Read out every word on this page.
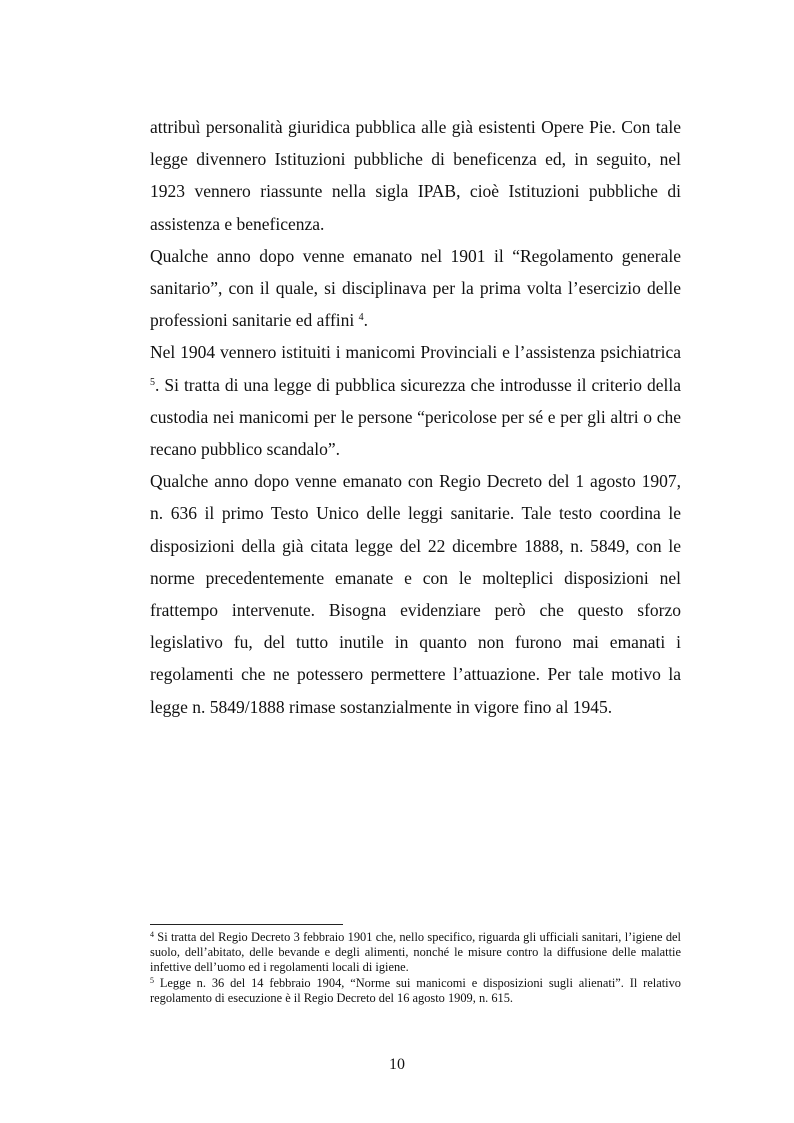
attribuì personalità giuridica pubblica alle già esistenti Opere Pie. Con tale legge divennero Istituzioni pubbliche di beneficenza ed, in seguito, nel 1923 vennero riassunte nella sigla IPAB, cioè Istituzioni pubbliche di assistenza e beneficenza.

Qualche anno dopo venne emanato nel 1901 il “Regolamento generale sanitario”, con il quale, si disciplinava per la prima volta l’esercizio delle professioni sanitarie ed affini $^4$.

Nel 1904 vennero istituiti i manicomi Provinciali e l’assistenza psichiatrica $^5$. Si tratta di una legge di pubblica sicurezza che introdusse il criterio della custodia nei manicomi per le persone “pericolose per sé e per gli altri o che recano pubblico scandalo”.

Qualche anno dopo venne emanato con Regio Decreto del 1 agosto 1907, n. 636 il primo Testo Unico delle leggi sanitarie. Tale testo coordina le disposizioni della già citata legge del 22 dicembre 1888, n. 5849, con le norme precedentemente emanate e con le molteplici disposizioni nel frattempo intervenute. Bisogna evidenziare però che questo sforzo legislativo fu, del tutto inutile in quanto non furono mai emanati i regolamenti che ne potessero permettere l’attuazione. Per tale motivo la legge n. 5849/1888 rimase sostanzialmente in vigore fino al 1945.

$^4$ Si tratta del Regio Decreto 3 febbraio 1901 che, nello specifico, riguarda gli ufficiali sanitari, l’igiene del suolo, dell’abitato, delle bevande e degli alimenti, nonché le misure contro la diffusione delle malattie infettive dell’uomo ed i regolamenti locali di igiene.

$^5$ Legge n. 36 del 14 febbraio 1904, “Norme sui manicomi e disposizioni sugli alienati”. Il relativo regolamento di esecuzione è il Regio Decreto del 16 agosto 1909, n. 615.

10
